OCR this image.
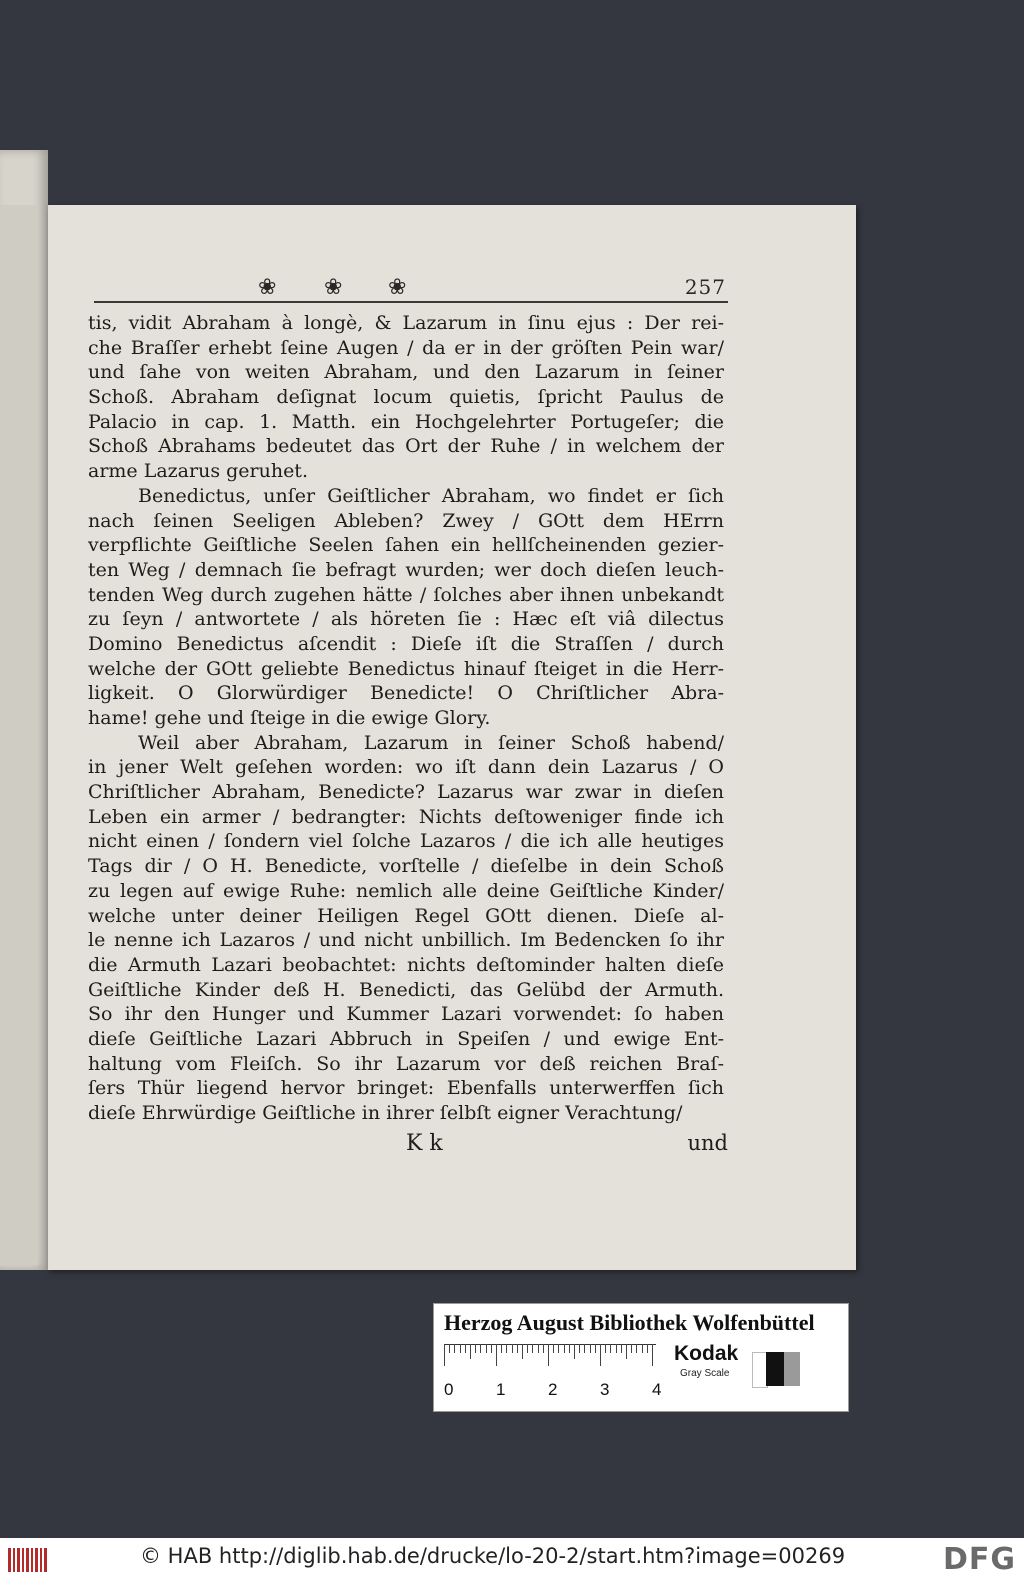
❀ ❀ ❀	257
tis, vidit Abraham à longè, & Lazarum in ſinu ejus : Der rei-
che Braſſer erhebt ſeine Augen / da er in der gröſten Pein war/
und ſahe von weiten Abraham, und den Lazarum in ſeiner
Schoß. Abraham deſignat locum quietis, ſpricht Paulus de
Palacio in cap. 1. Matth. ein Hochgelehrter Portugeſer; die
Schoß Abrahams bedeutet das Ort der Ruhe / in welchem der
arme Lazarus geruhet.
Benedictus, unſer Geiſtlicher Abraham, wo findet er ſich
nach ſeinen Seeligen Ableben? Zwey / GOtt dem HErrn
verpflichte Geiſtliche Seelen ſahen ein hellſcheinenden gezier-
ten Weg / demnach ſie befragt wurden; wer doch dieſen leuch-
tenden Weg durch zugehen hätte / ſolches aber ihnen unbekandt
zu ſeyn / antwortete / als höreten ſie : Hæc eſt viâ dilectus
Domino Benedictus aſcendit : Dieſe iſt die Straſſen / durch
welche der GOtt geliebte Benedictus hinauf ſteiget in die Herr-
ligkeit. O Glorwürdiger Benedicte! O Chriſtlicher Abra-
hame! gehe und ſteige in die ewige Glory.
Weil aber Abraham, Lazarum in ſeiner Schoß habend/
in jener Welt geſehen worden: wo iſt dann dein Lazarus / O
Chriſtlicher Abraham, Benedicte? Lazarus war zwar in dieſen
Leben ein armer / bedrangter: Nichts deſtoweniger finde ich
nicht einen / ſondern viel ſolche Lazaros / die ich alle heutiges
Tags dir / O H. Benedicte, vorſtelle / dieſelbe in dein Schoß
zu legen auf ewige Ruhe: nemlich alle deine Geiſtliche Kinder/
welche unter deiner Heiligen Regel GOtt dienen. Dieſe al-
le nenne ich Lazaros / und nicht unbillich. Im Bedencken ſo ihr
die Armuth Lazari beobachtet: nichts deſtominder halten dieſe
Geiſtliche Kinder deß H. Benedicti, das Gelübd der Armuth.
So ihr den Hunger und Kummer Lazari vorwendet: ſo haben
dieſe Geiſtliche Lazari Abbruch in Speiſen / und ewige Ent-
haltung vom Fleiſch. So ihr Lazarum vor deß reichen Braſ-
ſers Thür liegend hervor bringet: Ebenfalls unterwerffen ſich
dieſe Ehrwürdige Geiſtliche in ihrer ſelbſt eigner Verachtung/
K k	und
Herzog August Bibliothek Wolfenbüttel
0	1	2	3	4
Kodak
Gray Scale
© HAB http://diglib.hab.de/drucke/lo-20-2/start.htm?image=00269	DFG
